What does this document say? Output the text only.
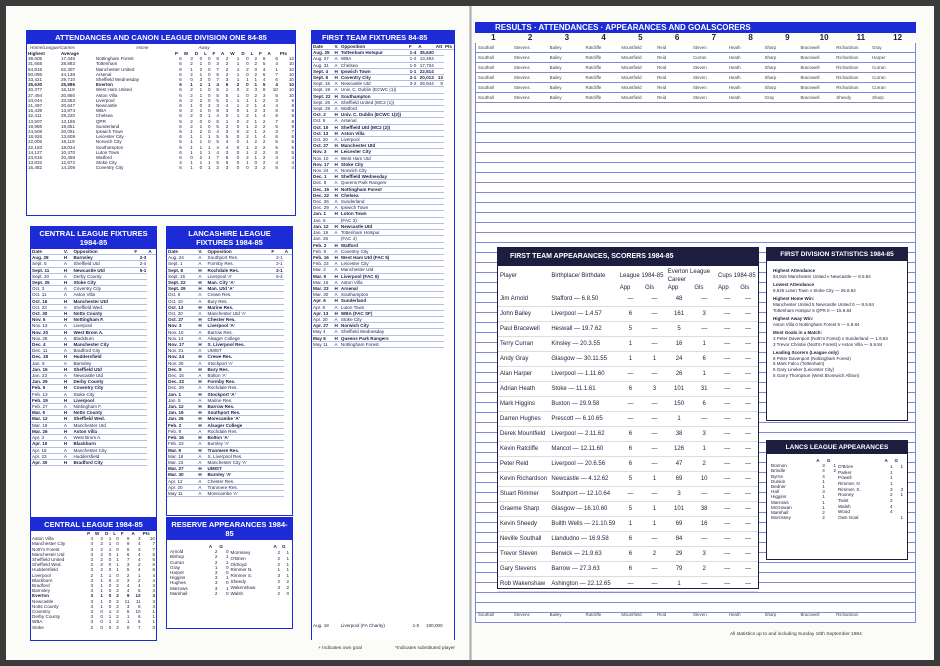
ATTENDANCES AND CANON LEAGUE DIVISION ONE 84-85
Home/League/Games	Home	Away
Highest	Average		P	W	D	L	F	A	W	D	L	F	A	Pts
38,605	17,446	Nottingham Forest	6	3	0	0	8	2	1	0	2	6	6	12
31,655	28,883	Tottenham	6	2	1	0	3	2	1	0	2	5	4	10
54,915	52,307	Manchester United	6	1	2	0	7	2	1	2	0	4	1	10
50,095	44,138	Arsenal	6	2	1	0	6	2	1	0	2	5	7	10
33,421	29,710	Sheffield Wednesday	6	0	3	0	7	3	1	1	1	4	6	10
35,630	25,986	Everton	6	1	1	1	4	6	2	0	1	5	4	10
20,377	16,119	West Ham United	6	2	1	0	5	1	0	2	3	8	10	10
27,494	20,860	Aston Villa	6	2	1	0	5	5	1	0	2	3	5	10
34,044	33,553	Liverpool	6	2	2	0	5	2	1	1	1	2	3	9
21,497	20,647	Newcastle	6	1	0	2	3	4	1	2	1	4	4	8
16,439	13,874	WBA	6	2	1	0	8	3	0	1	2	3	6	8
32,411	29,220	Chelsea	6	2	0	1	4	0	1	2	1	4	6	8
13,507	13,155	QPR	5	2	0	0	6	1	0	2	1	2	7	8
18,986	18,651	Sunderland	6	2	1	0	5	2	0	1	2	2	5	8
24,508	20,091	Ipswich Town	6	1	2	0	4	3	0	2	1	2	3	7
18,926	13,609	Leicester City	6	1	1	1	5	5	0	2	1	4	6	6
22,005	18,119	Norwich City	5	1	1	0	5	4	0	1	2	2	5	5
22,183	18,034	Southampton	6	1	1	1	4	4	0	1	2	2	5	5
14,127	10,470	Luton Town	6	1	1	1	4	3	0	1	2	2	8	5
23,615	20,458	Watford	6	0	2	1	7	8	0	2	1	2	4	4
13,832	12,672	Stoke City	4	1	1	1	5	6	0	1	0	2	4	4
16,482	14,208	Coventry City	6	1	0	1	2	3	0	0	3	2	8	4
CENTRAL LEAGUE FIXTURES 1984-85
Date	V.	Opposition	F	A
Aug. 28	H	Barnsley	2-3	
Sept. 5	A	Sheffield Utd	2-4	
Sept. 11	H	Newcastle Utd	5-1	
Sept. 20	A	Derby County		
Sept. 25	H	Stoke City		
Oct. 3	A	Coventry City		
Oct. 11	A	Aston Villa		
Oct. 16	H	Manchester Utd		
Oct. 23	A	Sheffield Wed.		
Oct. 30	H	Notts County		
Nov. 5	H	Nottingham F.		
Nov. 13	A	Liverpool		
Nov. 20	H	West Brom A.		
Nov. 28	A	Blackburn		
Dec. 4	H	Manchester City		
Dec. 11	A	Bradford City		
Dec. 18	H	Huddersfield		
Jan. 9	A	Barnsley		
Jan. 15	H	Sheffield Utd		
Jan. 23	A	Newcastle Utd		
Jan. 29	H	Derby County		
Feb. 5	H	Coventry City		
Feb. 13	A	Stoke City		
Feb. 19	H	Liverpool		
Feb. 27	A	Nottingham F.		
Mar. 5	H	Notts County		
Mar. 12	H	Sheffield Wed.		
Mar. 19	A	Manchester Utd		
Mar. 26	H	Aston Villa		
Apr. 3	A	West Brom A.		
Apr. 10	H	Blackburn		
Apr. 16	A	Manchester City		
Apr. 23	A	Huddersfield		
Apr. 30	H	Bradford City		
LANCASHIRE LEAGUE FIXTURES 1984-85
Date	V.	Opposition	F	A
Aug. 24	A	Southport Res.	2-1	
Sept. 1	A	Formby Res.	2-1	
Sept. 8	H	Rochdale Res.	2-1	
Sept. 15	A	Liverpool 'A'	6-4	
Sept. 22	H	Man. City 'A'		
Sept. 29	H	Man. Utd 'A'		
Oct. 6	A	Crewe Res.		
Oct. 10	A	Bury Res.		
Oct. 13	H	Marine Res.		
Oct. 20	A	Manchester Utd 'A'		
Oct. 27	H	Chester Res.		
Nov. 3	H	Liverpool 'A'		
Nov. 10	A	Barrow Res.		
Nov. 14	A	Alsager College		
Nov. 17	H	S. Liverpool Res.		
Nov. 21	A	UMIST		
Nov. 24	H	Crewe Res.		
Nov. 30	A	Stockport 'A'		
Dec. 8	H	Bury Res.		
Dec. 15	A	Bolton 'A'		
Dec. 22	H	Formby Res.		
Dec. 29	A	Rochdale Res.		
Jan. 1	H	Stockport 'A'		
Jan. 5	A	Marine Res.		
Jan. 12	H	Barrow Res.		
Jan. 19	H	Southport Res.		
Jan. 26	H	Morecambe 'A'		
Feb. 2	H	Alsager College		
Feb. 9	A	Rochdale Res.		
Feb. 16	H	Bolton 'A'		
Feb. 23	A	Burnley 'A'		
Mar. 9	H	Tranmere Res.		
Mar. 16	A	S. Liverpool Res.		
Mar. 23	A	Manchester City 'A'		
Mar. 27	H	UMIST		
Mar. 30	H	Burnley 'A'		
Apr. 12	A	Chester Res.		
Apr. 20	A	Tranmere Res.		
May 11	A	Morecambe 'A'		
CENTRAL LEAGUE 1984-85
	P	W	D	L	F	A	Pts
Aston Villa	4	3	1	0	9	3	10
Manchester City	4	3	1	0	9	4	7
Nott'm Forest	3	2	1	0	5	3	7
Manchester Utd	3	2	0	1	6	4	6
Sheffield United	3	2	0	1	7	4	6
Sheffield Wed.	3	2	0	1	3	2	6
Huddersfield	3	2	0	1	5	4	6
Liverpool	2	1	1	0	2	1	4
Blackburn	3	1	0	2	3	2	4
Bradford	3	1	0	2	4	4	3
Barnsley	3	1	0	2	4	5	3
Everton	3	1	0	2	9	12	3
Newcastle	3	1	0	2	11	11	3
Notts County	3	1	0	2	3	5	3
Coventry	3	0	1	2	5	10	1
Derby County	3	0	1	2	1	6	1
WBA	3	0	1	2	1	6	1
Stoke	2	0	0	2	0	7	0
RESERVE APPEARANCES 1984-85
	A	G
Arnold	2	0
Bishop	2	1
Curran	2	1
Gray	1	0
Harper	3	0
Higgins	3	1
Hughes	3	0
Marrows	3	1
Marshall	2	0
	A	G
Morrissey	2	1
O'Brien	2	1
Oldroyd	2	1
Rimmer N.	1	1
Rimmer S.	3	1
Sheedy	2	2
Wakenshaw	3	2
Walsh	2	0
FIRST TEAM FIXTURES 84-85
Date	V.	Opposition	F	A	Att	Pts
Aug. 25	H	Tottenham Hotspur	1-4	35,630		
Aug. 27	A	WBA	1-2	13,484		
Aug. 31	A	Chelsea	1-0	17,734		
Sept. 4	H	Ipswich Town	1-1	22,514		
Sept. 8	H	Coventry City	2-1	20,013	13	
Sept. 15	A	Newcastle Utd	3-2	26,944	9	
Sept. 19	A	Univ. C. Dublin (ECWC (1))				
Sept. 22	H	Southampton				
Sept. 26	A	Sheffield United (MC2 (1))				
Sept. 29	A	Watford				
Oct. 2	H	Univ. C. Dublin (ECWC 1(2))				
Oct. 6	A	Arsenal				
Oct. 10	H	Sheffield Utd (MC2 (2))				
Oct. 13	H	Aston Villa				
Oct. 20	A	Liverpool				
Oct. 27	H	Manchester Utd				
Nov. 3	H	Leicester City				
Nov. 10	A	West Ham Utd				
Nov. 17	H	Stoke City				
Nov. 24	A	Norwich City				
Dec. 1	H	Sheffield Wednesday				
Dec. 8	A	Queens Park Rangers				
Dec. 15	H	Nottingham Forest				
Dec. 22	H	Chelsea				
Dec. 26	A	Sunderland				
Dec. 29	A	Ipswich Town				
Jan. 1	H	Luton Town				
Jan. 5		(FAC 3)				
Jan. 12	H	Newcastle Utd				
Jan. 19	A	Tottenham Hotspur				
Jan. 26		(FAC 4)				
Feb. 2	H	Watford				
Feb. 9	A	Coventry City				
Feb. 16	H	West Ham Utd (FAC 5)				
Feb. 23	A	Leicester City				
Mar. 2	A	Manchester Utd				
Mar. 9	H	Liverpool (FAC 6)				
Mar. 16	A	Aston Villa				
Mar. 23	H	Arsenal				
Mar. 30	A	Southampton				
Apr. 6	H	Sunderland				
Apr. 8	A	Luton Town				
Apr. 13	H	WBA (FAC SF)				
Apr. 20	A	Stoke City				
Apr. 27	H	Norwich City				
May 4	A	Sheffield Wednesday				
May 6	H	Queens Park Rangers				
May 11	A	Nottingham Forest				
Aug. 18	Liverpool (FA Charity)	1-0	100,000
+ Indicates own goal	*Indicates substituted player
RESULTS · ATTENDANCES · APPEARANCES AND GOALSCORERS
1	2	3	4	5	6	7	8	9	10	11	12
Southall	Stevens	Bailey	Ratcliffe	Mountfield	Reid	Steven	Heath	Sharp	Bracewell	Richardson	Gray
Southall	Stevens	Bailey	Ratcliffe	Mountfield	Reid	Curran	Heath	Sharp	Bracewell	Richardson	Harper
Southall	Stevens	Bailey	Ratcliffe	Mountfield	Reid	Steven	Heath	Sharp	Bracewell	Richardson	Curran
Southall	Stevens	Bailey	Ratcliffe	Mountfield	Reid	Steven	Heath	Sharp	Bracewell	Richardson	Curran
Southall	Stevens	Bailey	Ratcliffe	Mountfield	Reid	Steven	Heath	Sharp	Bracewell	Richardson	Curran
Southall	Stevens	Bailey	Ratcliffe	Mountfield	Reid	Steven	Heath	Gray	Bracewell	Sheedy	Sharp
Southall	Stevens	Bailey	Ratcliffe	Mountfield	Reid	Steven	Heath	Sharp	Bracewell	Richardson
FIRST TEAM APPEARANCES, SCORERS 1984-85
Player	Birthplace/ Birthdate	League 1984-85		Everton League Career		Cups 1984-85	
		App	Gls	App	Gls	App	Gls
Jim Arnold	Stafford — 6.8.50	—	—	48	—	—	—
John Bailey	Liverpool — 1.4.57	6	—	161	3	—	—
Paul Bracewell	Heswall — 19.7.62	5	—	5	—	—	—
Terry Curran	Kinsley — 20.3.55	1	—	16	1	—	—
Andy Gray	Glasgow — 30.11.55	1	1	24	6	—	—
Alan Harper	Liverpool — 1.11.60	—	—	26	1	—	—
Adrian Heath	Stoke — 11.1.61	6	3	101	31	—	—
Mark Higgins	Buxton — 29.9.58	—	—	150	6	—	—
Darren Hughes	Prescott — 6.10.65	—	—	1	—	—	—
Derek Mountfield	Liverpool — 2.11.62	6	—	38	3	—	—
Kevin Ratcliffe	Mancot — 12.11.60	6	—	126	1	—	—
Peter Reid	Liverpool — 20.6.56	6	—	47	2	—	—
Kevin Richardson	Newcastle — 4.12.62	5	1	69	10	—	—
Stuart Rimmer	Southport — 12.10.64	—	—	3	—	—	—
Graeme Sharp	Glasgow — 16.10.60	5	1	101	38	—	—
Kevin Sheedy	Builth Wells — 21.10.59	1	1	69	16	—	—
Neville Southall	Llandudno — 16.9.58	6	—	84	—	—	—
Trevor Steven	Berwick — 21.9.63	6	2	29	3	—	—
Gary Stevens	Barrow — 27.3.63	6	—	79	2	—	—
Rob Wakenshaw	Ashington — 22.12.65	—	—	1	—	—	—
FIRST DIVISION STATISTICS 1984-85

Highest Attendance

54,915 Manchester United v Newcastle — 8.9.84

Lowest Attendance

8,626 Luton Town v Stoke City — 25.8.84

Highest Home Win:

Manchester United 5 Newcastle United 0 — 8.9.84

Tottenham Hotspur 5 QPR 0 — 15.9.84

Highest Away Win:

Aston Villa 0 Nottingham Forest 5 — 5.9.84

Most Goals in a Match:

3 Peter Davenport (Nott'm Forest) v Sunderland — 1.9.84

3 Trevor Christie (Nott'm Forest) v Aston Villa — 5.9.84

Leading Scorers (League only)

6 Peter Davenport (Nottingham Forest)

5 Mark Falco (Tottenham)

5 Gary Lineker (Leicester City)

5 Garry Thompson (West Bromwich Albion)

LANCS LEAGUE APPEARANCES
	A	G
Bonnon	3	1
Brindle	4	2
Byrne	4	
Dunkin	1	
Bedner	1	
Hall	3	
Higgins	1	
Marrows	1	
McGowan	1	
Marshall	2	
Morrissey	2	
	A	G
O'Brien	1	1
Parker	1	
Powell	1	
Rimmer, N	1	
Rimmer, S.	3	3
Rooney	2	1
Twist	2	
Walsh	4	
Wood	4	
Own Goal		1
All statistics up to and including Sunday 16th September 1984
